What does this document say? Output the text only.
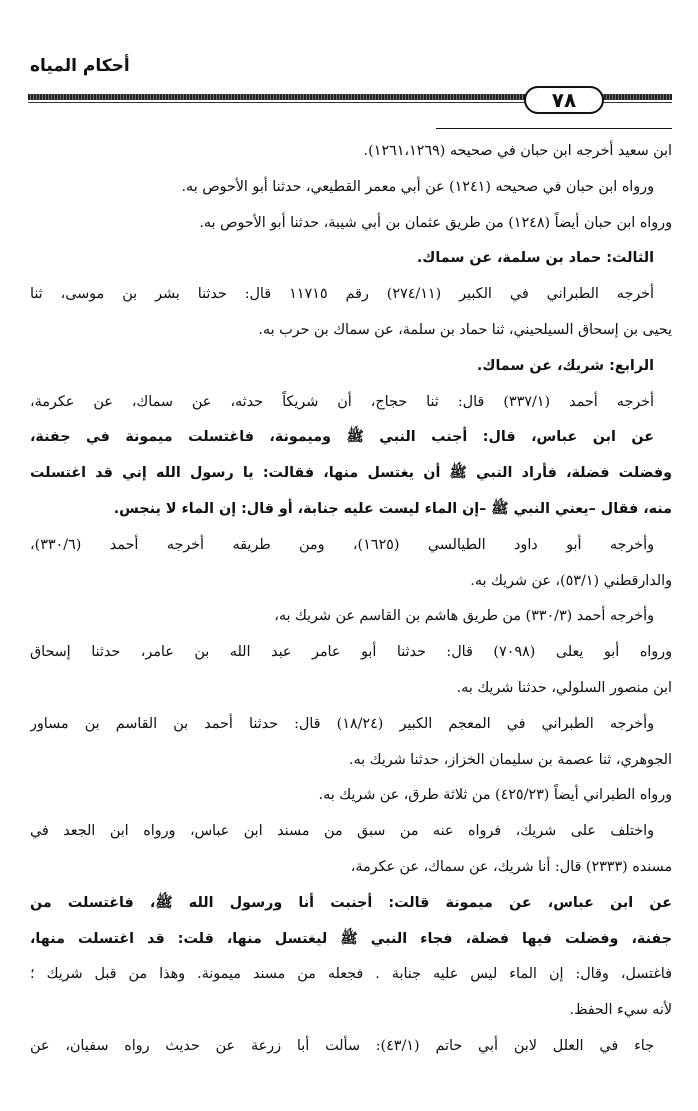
أحكام المياه
٧٨
ابن سعيد أخرجه ابن حبان في صحيحه (١٢٦١،١٢٦٩).
ورواه ابن حبان في صحيحه (١٢٤١) عن أبي معمر القطيعي، حدثنا أبو الأحوص به.
ورواه ابن حبان أيضاً (١٢٤٨) من طريق عثمان بن أبي شيبة، حدثنا أبو الأحوص به.
الثالث: حماد بن سلمة، عن سماك.
أخرجه الطبراني في الكبير (٢٧٤/١١) رقم ١١٧١٥ قال: حدثنا بشر بن موسى، ثنا
يحيى بن إسحاق السيلحيني، ثنا حماد بن سلمة، عن سماك بن حرب به.
الرابع: شريك، عن سماك.
أخرجه أحمد (٣٣٧/١) قال: ثنا حجاج، أن شريكاً حدثه، عن سماك، عن عكرمة،
عن ابن عباس، قال: أجنب النبي ﷺ وميمونة، فاغتسلت ميمونة في جفنة،
وفضلت فضلة، فأراد النبي ﷺ أن يغتسل منها، فقالت: يا رسول الله إني قد اغتسلت
منه، فقال –يعني النبي ﷺ –إن الماء ليست عليه جنابة، أو قال: إن الماء لا ينجس.
وأخرجه أبو داود الطيالسي (١٦٢٥)، ومن طريقه أخرجه أحمد (٣٣٠/٦)،
والدارقطني (٥٣/١)، عن شريك به.
وأخرجه أحمد (٣٣٠/٣) من طريق هاشم بن القاسم عن شريك به،
ورواه أبو يعلى (٧٠٩٨) قال: حدثنا أبو عامر عبد الله بن عامر، حدثنا إسحاق
ابن منصور السلولي، حدثنا شريك به.
وأخرجه الطبراني في المعجم الكبير (١٨/٢٤) قال: حدثنا أحمد بن القاسم بن مساور
الجوهري، ثنا عصمة بن سليمان الخزاز، حدثنا شريك به.
ورواه الطبراني أيضاً (٤٢٥/٢٣) من ثلاثة طرق، عن شريك به.
واختلف على شريك، فرواه عنه من سبق من مسند ابن عباس، ورواه ابن الجعد في
مسنده (٢٣٣٣) قال: أنا شريك، عن سماك، عن عكرمة،
عن ابن عباس، عن ميمونة قالت: أجنبت أنا ورسول الله ﷺ، فاغتسلت من
جفنة، وفضلت فيها فضلة، فجاء النبي ﷺ ليغتسل منها، قلت: قد اغتسلت منها،
فاغتسل، وقال: إن الماء ليس عليه جنابة . فجعله من مسند ميمونة. وهذا من قبل شريك ؛
لأنه سيء الحفظ.
جاء في العلل لابن أبي حاتم (٤٣/١): سألت أبا زرعة عن حديث رواه سفيان، عن
